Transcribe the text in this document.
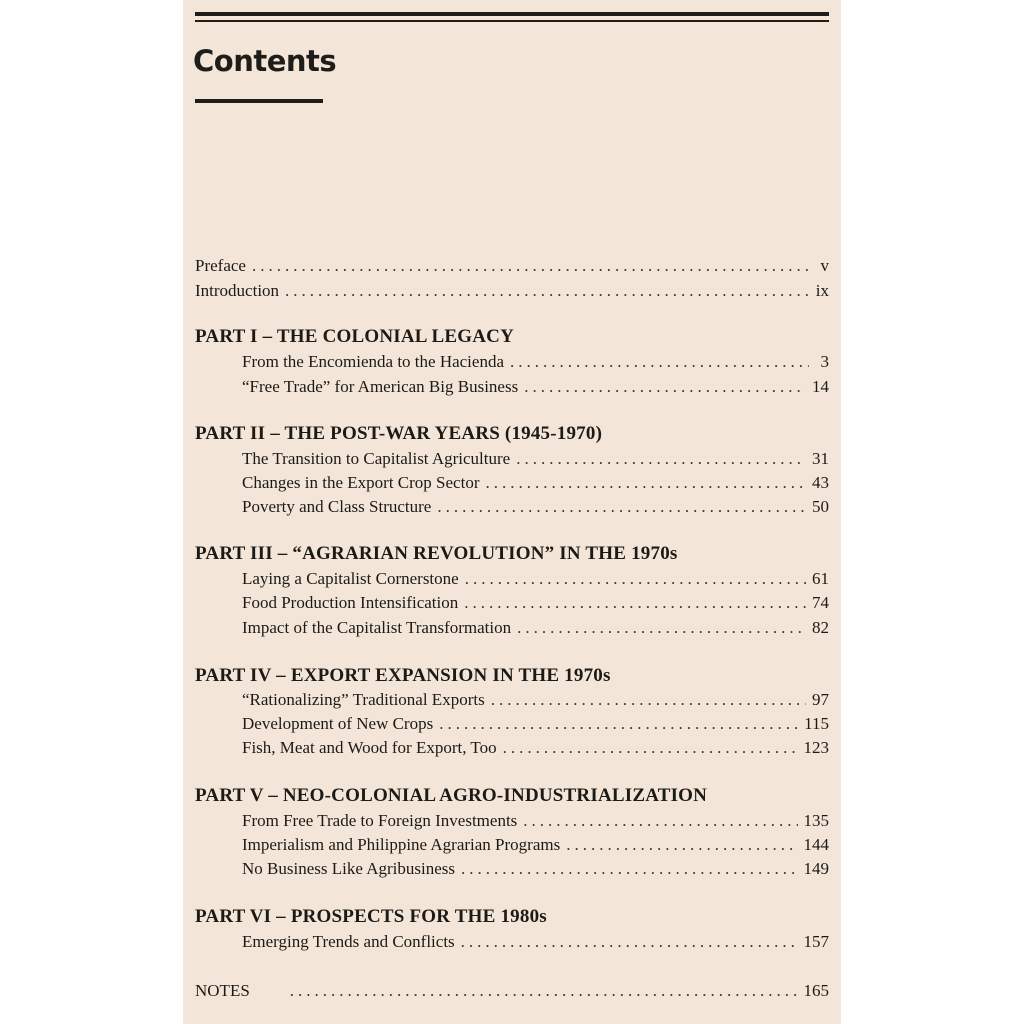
Contents
Preface .....	v
Introduction .....	ix
PART I – THE COLONIAL LEGACY
From the Encomienda to the Hacienda .....	3
“Free Trade” for American Big Business .....	14
PART II – THE POST-WAR YEARS (1945-1970)
The Transition to Capitalist Agriculture .....	31
Changes in the Export Crop Sector .....	43
Poverty and Class Structure .....	50
PART III – “AGRARIAN REVOLUTION” IN THE 1970s
Laying a Capitalist Cornerstone .....	61
Food Production Intensification .....	74
Impact of the Capitalist Transformation .....	82
PART IV – EXPORT EXPANSION IN THE 1970s
“Rationalizing” Traditional Exports .....	97
Development of New Crops .....	115
Fish, Meat and Wood for Export, Too .....	123
PART V – NEO-COLONIAL AGRO-INDUSTRIALIZATION
From Free Trade to Foreign Investments .....	135
Imperialism and Philippine Agrarian Programs .....	144
No Business Like Agribusiness .....	149
PART VI – PROSPECTS FOR THE 1980s
Emerging Trends and Conflicts .....	157
NOTES .....	165
